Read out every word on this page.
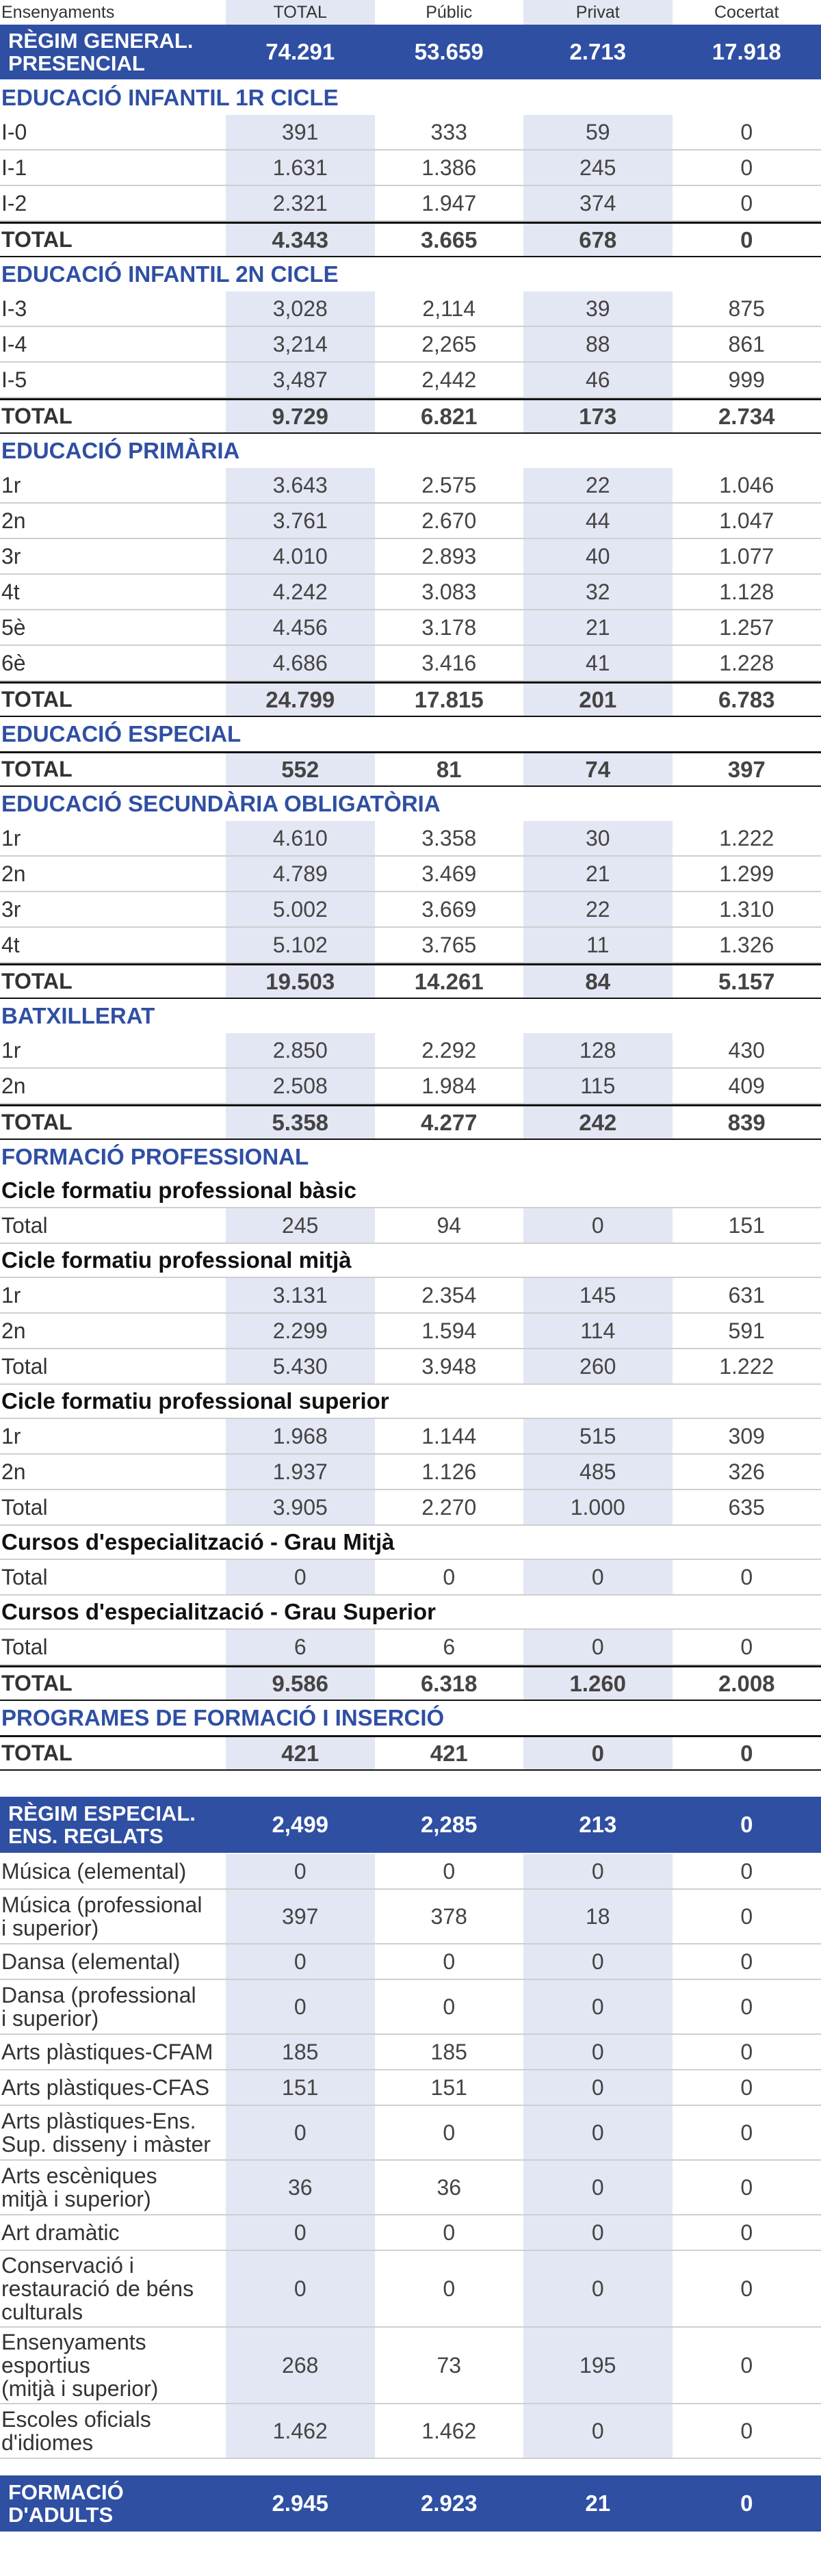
Ensenyaments	TOTAL	Públic	Privat	Cocertat
RÈGIM GENERAL.
PRESENCIAL	74.291	53.659	2.713	17.918
EDUCACIÓ INFANTIL 1R CICLE
I-0	391	333	59	0
I-1	1.631	1.386	245	0
I-2	2.321	1.947	374	0
TOTAL	4.343	3.665	678	0
EDUCACIÓ INFANTIL 2N CICLE
I-3	3,028	2,114	39	875
I-4	3,214	2,265	88	861
I-5	3,487	2,442	46	999
TOTAL	9.729	6.821	173	2.734
EDUCACIÓ PRIMÀRIA
1r	3.643	2.575	22	1.046
2n	3.761	2.670	44	1.047
3r	4.010	2.893	40	1.077
4t	4.242	3.083	32	1.128
5è	4.456	3.178	21	1.257
6è	4.686	3.416	41	1.228
TOTAL	24.799	17.815	201	6.783
EDUCACIÓ ESPECIAL
TOTAL	552	81	74	397
EDUCACIÓ SECUNDÀRIA OBLIGATÒRIA
1r	4.610	3.358	30	1.222
2n	4.789	3.469	21	1.299
3r	5.002	3.669	22	1.310
4t	5.102	3.765	11	1.326
TOTAL	19.503	14.261	84	5.157
BATXILLERAT
1r	2.850	2.292	128	430
2n	2.508	1.984	115	409
TOTAL	5.358	4.277	242	839
FORMACIÓ PROFESSIONAL
Cicle formatiu professional bàsic
Total	245	94	0	151
Cicle formatiu professional mitjà
1r	3.131	2.354	145	631
2n	2.299	1.594	114	591
Total	5.430	3.948	260	1.222
Cicle formatiu professional superior
1r	1.968	1.144	515	309
2n	1.937	1.126	485	326
Total	3.905	2.270	1.000	635
Cursos d'especialització - Grau Mitjà
Total	0	0	0	0
Cursos d'especialització - Grau Superior
Total	6	6	0	0
TOTAL	9.586	6.318	1.260	2.008
PROGRAMES DE FORMACIÓ I INSERCIÓ
TOTAL	421	421	0	0
RÈGIM ESPECIAL.
ENS. REGLATS	2,499	2,285	213	0
Música (elemental)	0	0	0	0
Música (professional
i superior)	397	378	18	0
Dansa (elemental)	0	0	0	0
Dansa (professional
i superior)	0	0	0	0
Arts plàstiques-CFAM	185	185	0	0
Arts plàstiques-CFAS	151	151	0	0
Arts plàstiques-Ens.
Sup. disseny i màster	0	0	0	0
Arts escèniques
mitjà i superior)	36	36	0	0
Art dramàtic	0	0	0	0
Conservació i
restauració de béns
culturals
0	0	0	0
Ensenyaments
esportius
(mitjà i superior)
268	73	195	0
Escoles oficials
d'idiomes	1.462	1.462	0	0
FORMACIÓ
D'ADULTS	2.945	2.923	21	0
